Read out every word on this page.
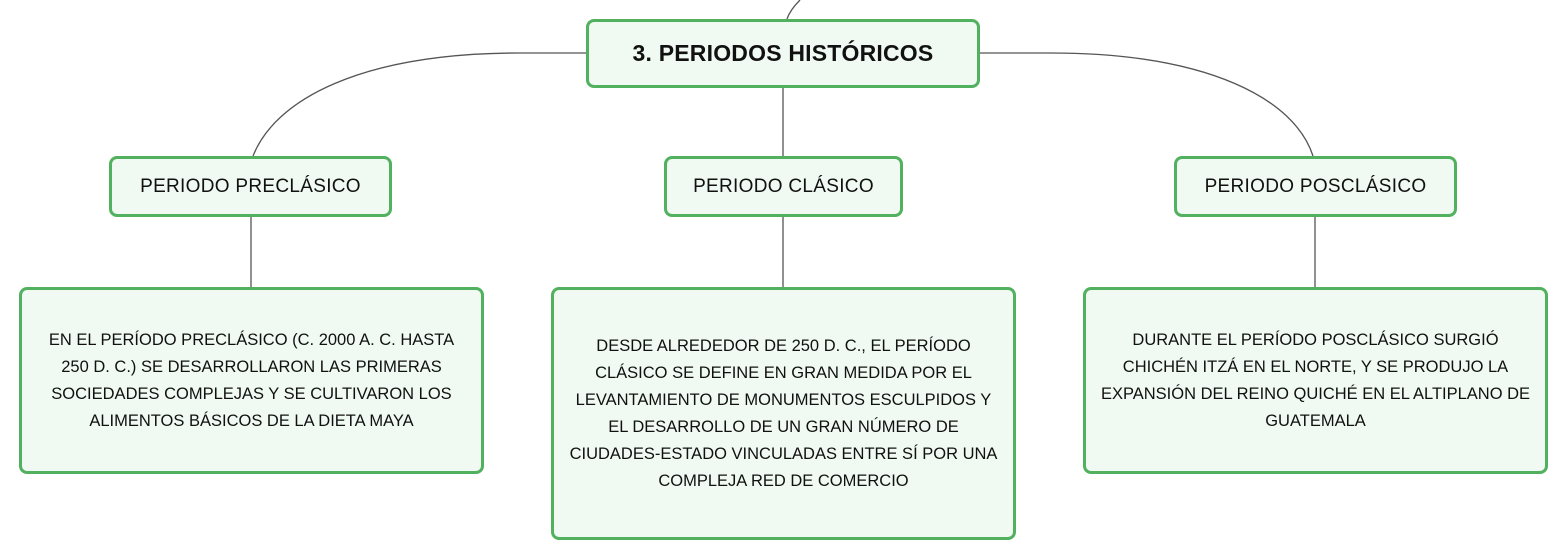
3. PERIODOS HISTÓRICOS
PERIODO PRECLÁSICO	PERIODO CLÁSICO	PERIODO POSCLÁSICO
EN EL PERÍODO PRECLÁSICO (C. 2000 A. C. HASTA 250 D. C.) SE DESARROLLARON LAS PRIMERAS SOCIEDADES COMPLEJAS Y SE CULTIVARON LOS ALIMENTOS BÁSICOS DE LA DIETA MAYA
DESDE ALREDEDOR DE 250 D. C., EL PERÍODO CLÁSICO SE DEFINE EN GRAN MEDIDA POR EL LEVANTAMIENTO DE MONUMENTOS ESCULPIDOS Y EL DESARROLLO DE UN GRAN NÚMERO DE CIUDADES-ESTADO VINCULADAS ENTRE SÍ POR UNA COMPLEJA RED DE COMERCIO
DURANTE EL PERÍODO POSCLÁSICO SURGIÓ CHICHÉN ITZÁ EN EL NORTE, Y SE PRODUJO LA EXPANSIÓN DEL REINO QUICHÉ EN EL ALTIPLANO DE GUATEMALA
